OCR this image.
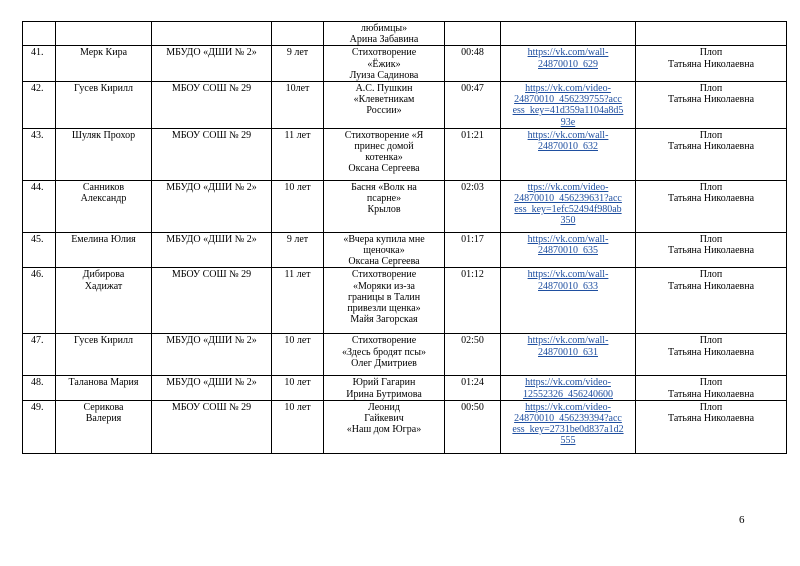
				любимцы»
Арина Забавина			
41.	Мерк Кира	МБУДО «ДШИ № 2»	9 лет	Стихотворение
«Ёжик»
Луиза Садинова	00:48	https://vk.com/wall-
24870010_629	Плоп
Татьяна Николаевна
42.	Гусев Кирилл	МБОУ СОШ № 29	10лет	А.С. Пушкин
«Клеветникам
России»	00:47	https://vk.com/video-
24870010_456239755?acc
ess_key=41d359a1104a8d5
93e	Плоп
Татьяна Николаевна
43.	Шуляк Прохор	МБОУ СОШ № 29	11 лет	Стихотворение «Я
принес домой
котенка»
Оксана Сергеева	01:21	https://vk.com/wall-
24870010_632	Плоп
Татьяна Николаевна
44.	Санников
Александр	МБУДО «ДШИ № 2»	10 лет	Басня «Волк на
псарне»
Крылов	02:03	ttps://vk.com/video-
24870010_456239631?acc
ess_key=1efc52494f980ab
350	Плоп
Татьяна Николаевна
45.	Емелина Юлия	МБУДО «ДШИ № 2»	9 лет	«Вчера купила мне
щеночка»
Оксана Сергеева	01:17	https://vk.com/wall-
24870010_635	Плоп
Татьяна Николаевна
46.	Дибирова
Хадижат	МБОУ СОШ № 29	11 лет	Стихотворение
«Моряки из-за
границы в Талин
привезли щенка»
Майя Загорская	01:12	https://vk.com/wall-
24870010_633	Плоп
Татьяна Николаевна
47.	Гусев Кирилл	МБУДО «ДШИ № 2»	10 лет	Стихотворение
«Здесь бродят псы»
Олег Дмитриев	02:50	https://vk.com/wall-
24870010_631	Плоп
Татьяна Николаевна
48.	Таланова Мария	МБУДО «ДШИ № 2»	10 лет	Юрий Гагарин
Ирина Бутримова	01:24	https://vk.com/video-
12552326_456240600	Плоп
Татьяна Николаевна
49.	Серикова
Валерия	МБОУ СОШ № 29	10 лет	Леонид
Гайкевич
«Наш дом Югра»	00:50	https://vk.com/video-
24870010_456239394?acc
ess_key=2731be0d837a1d2
555	Плоп
Татьяна Николаевна
6
